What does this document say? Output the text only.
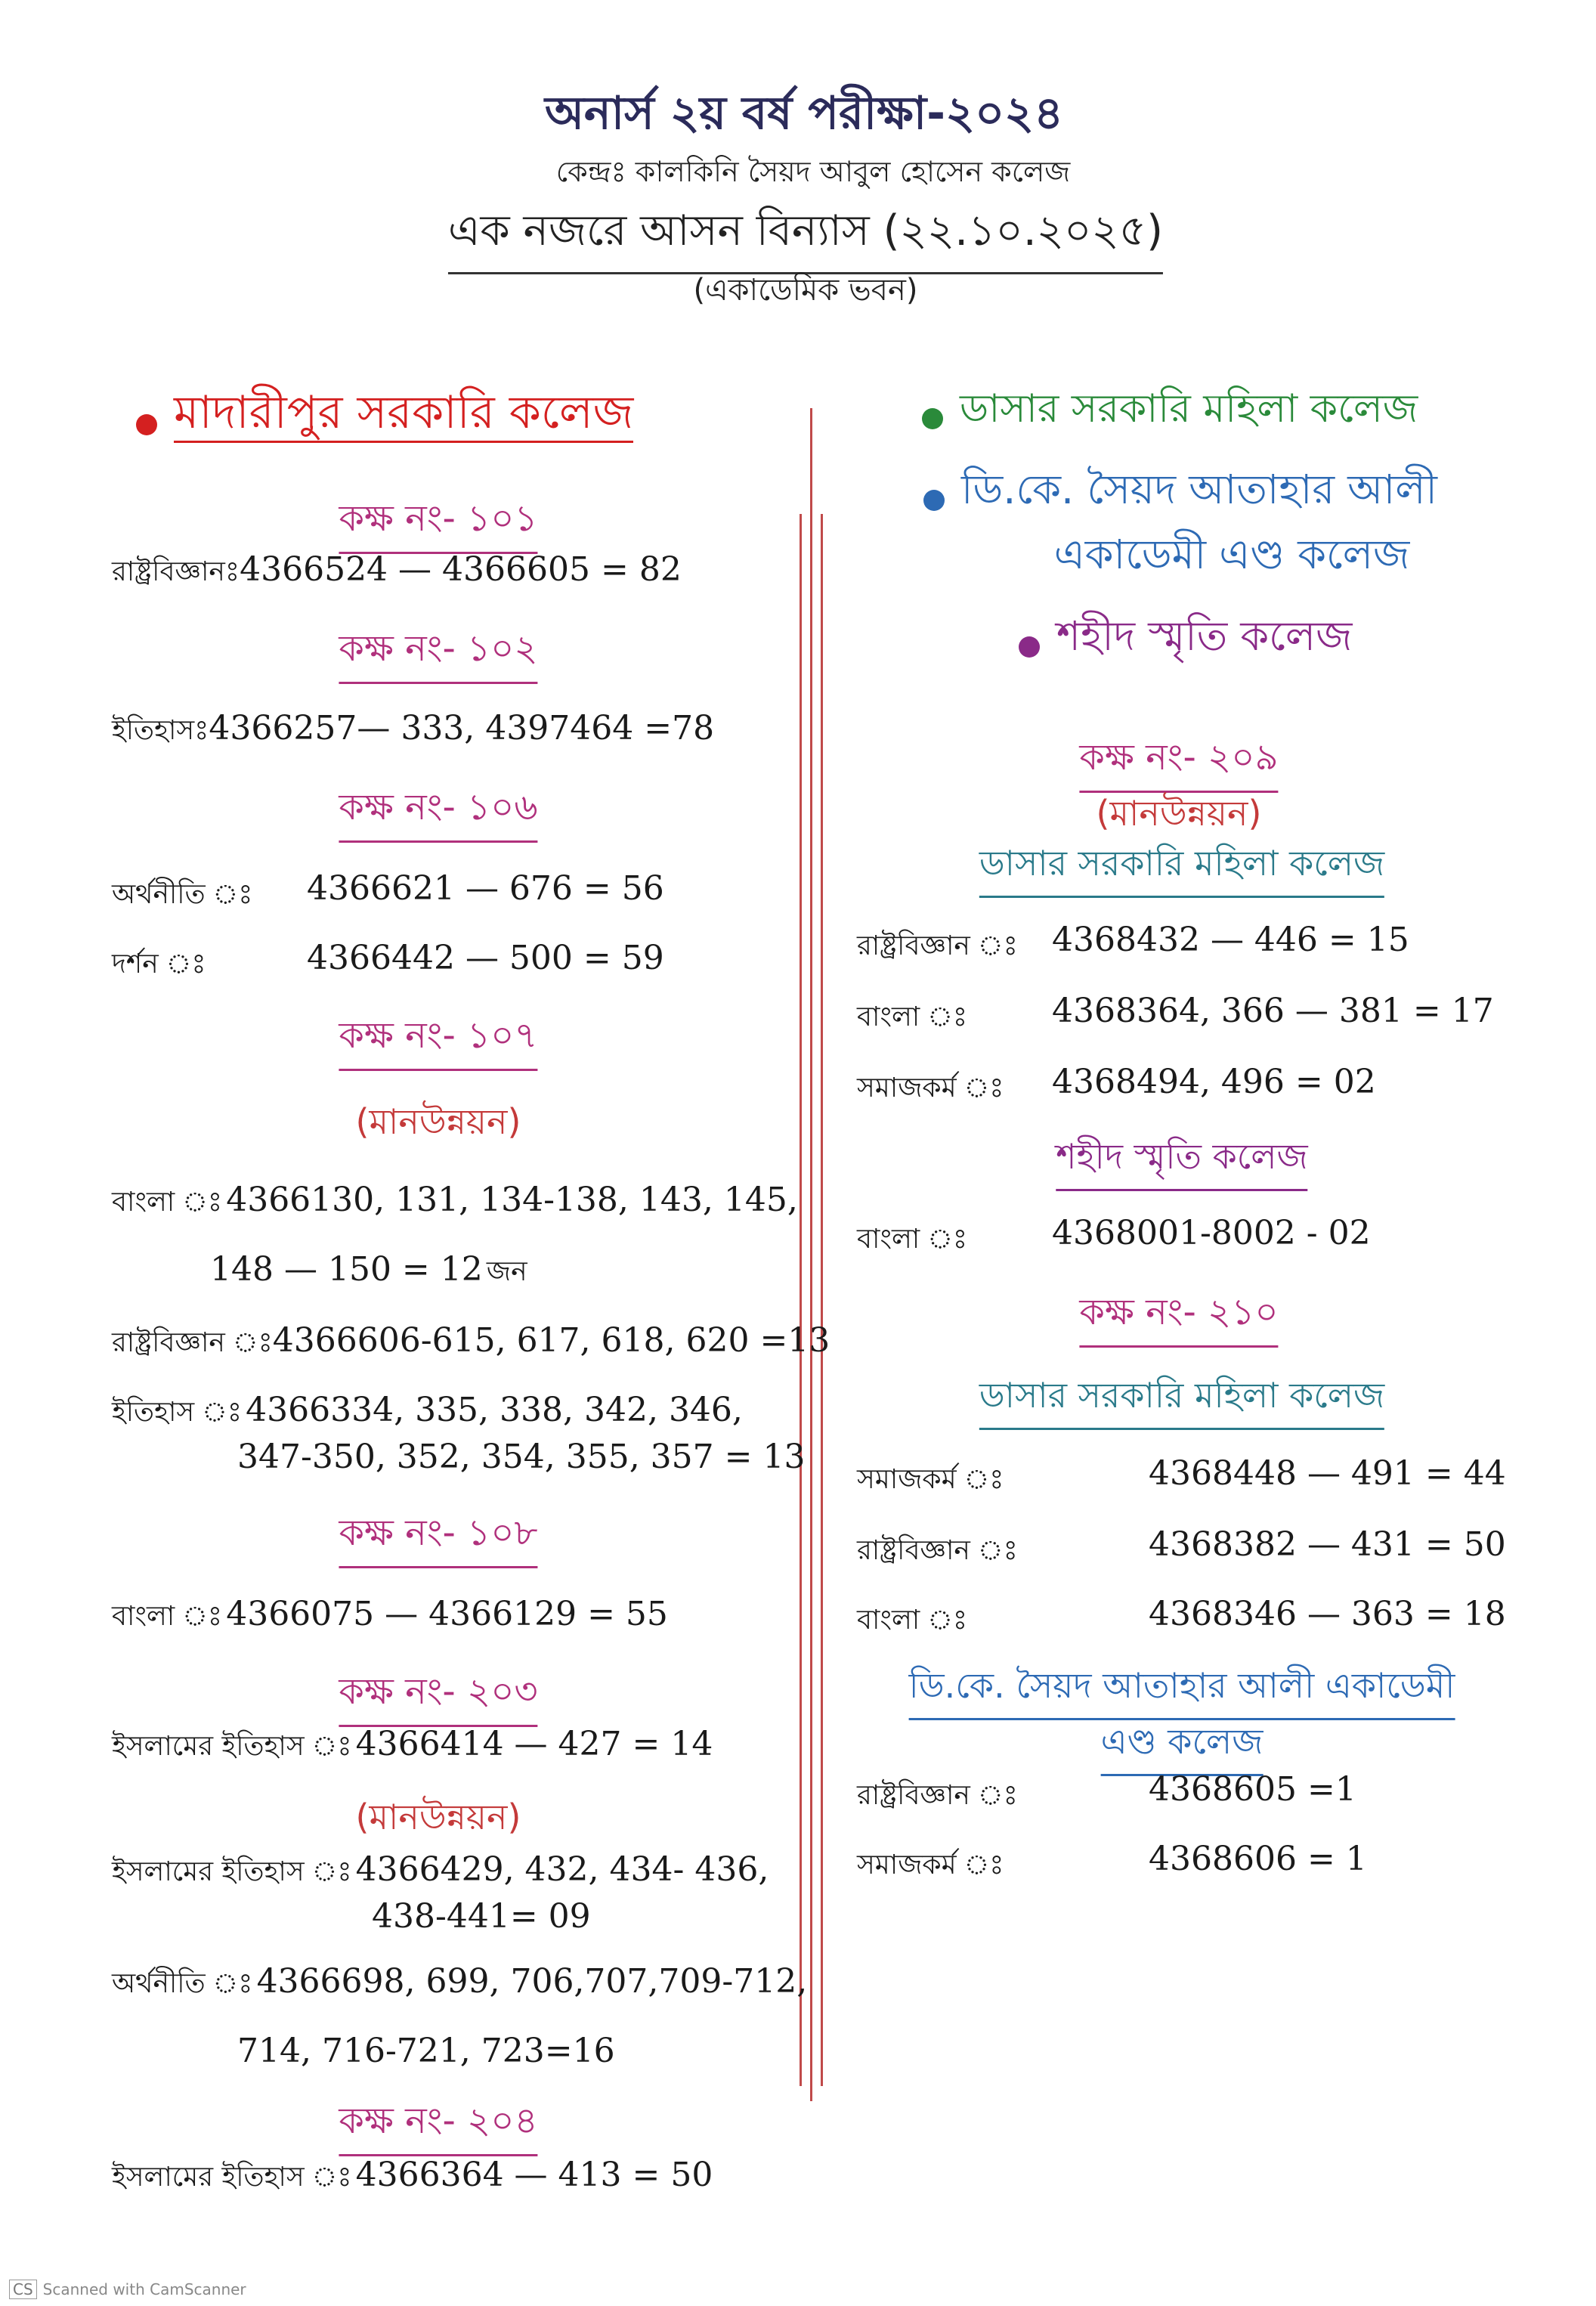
অনার্স ২য় বর্ষ পরীক্ষা-২০২৪
কেন্দ্রঃ কালকিনি সৈয়দ আবুল হোসেন কলেজ
এক নজরে আসন বিন্যাস (২২.১০.২০২৫)
(একাডেমিক ভবন)
মাদারীপুর সরকারি কলেজ
কক্ষ নং- ১০১
রাষ্ট্রবিজ্ঞানঃ4366524 — 4366605 = 82
কক্ষ নং- ১০২
ইতিহাসঃ4366257— 333, 4397464 =78
কক্ষ নং- ১০৬
অর্থনীতি ঃ 4366621 — 676 = 56
দর্শন ঃ	4366442 — 500 = 59
কক্ষ নং- ১০৭
(মানউন্নয়ন)
বাংলা ঃ 4366130, 131, 134-138, 143, 145,
148 — 150 = 12 জন
রাষ্ট্রবিজ্ঞান ঃ4366606-615, 617, 618, 620 =13
ইতিহাস ঃ 4366334, 335, 338, 342, 346,
347-350, 352, 354, 355, 357 = 13
কক্ষ নং- ১০৮
বাংলা ঃ 4366075 — 4366129 = 55
কক্ষ নং- ২০৩
ইসলামের ইতিহাস ঃ 4366414 — 427 = 14
(মানউন্নয়ন)
ইসলামের ইতিহাস ঃ 4366429, 432, 434- 436,
438-441= 09
অর্থনীতি ঃ 4366698, 699, 706,707,709-712,
714, 716-721, 723=16
কক্ষ নং- ২০৪
ইসলামের ইতিহাস ঃ 4366364 — 413 = 50
ডাসার সরকারি মহিলা কলেজ
ডি.কে. সৈয়দ আতাহার আলী
একাডেমী এণ্ড কলেজ
শহীদ স্মৃতি কলেজ
কক্ষ নং- ২০৯
(মানউন্নয়ন)
ডাসার সরকারি মহিলা কলেজ
রাষ্ট্রবিজ্ঞান ঃ 4368432 — 446 = 15
বাংলা ঃ	4368364, 366 — 381 = 17
সমাজকর্ম ঃ 4368494, 496 = 02
শহীদ স্মৃতি কলেজ
বাংলা ঃ	4368001-8002 - 02
কক্ষ নং- ২১০
ডাসার সরকারি মহিলা কলেজ
সমাজকর্ম ঃ	4368448 — 491 = 44
রাষ্ট্রবিজ্ঞান ঃ	4368382 — 431 = 50
বাংলা ঃ	4368346 — 363 = 18
ডি.কে. সৈয়দ আতাহার আলী একাডেমী
এণ্ড কলেজ
রাষ্ট্রবিজ্ঞান ঃ	4368605 =1
সমাজকর্ম ঃ	4368606 = 1
CS Scanned with CamScanner
